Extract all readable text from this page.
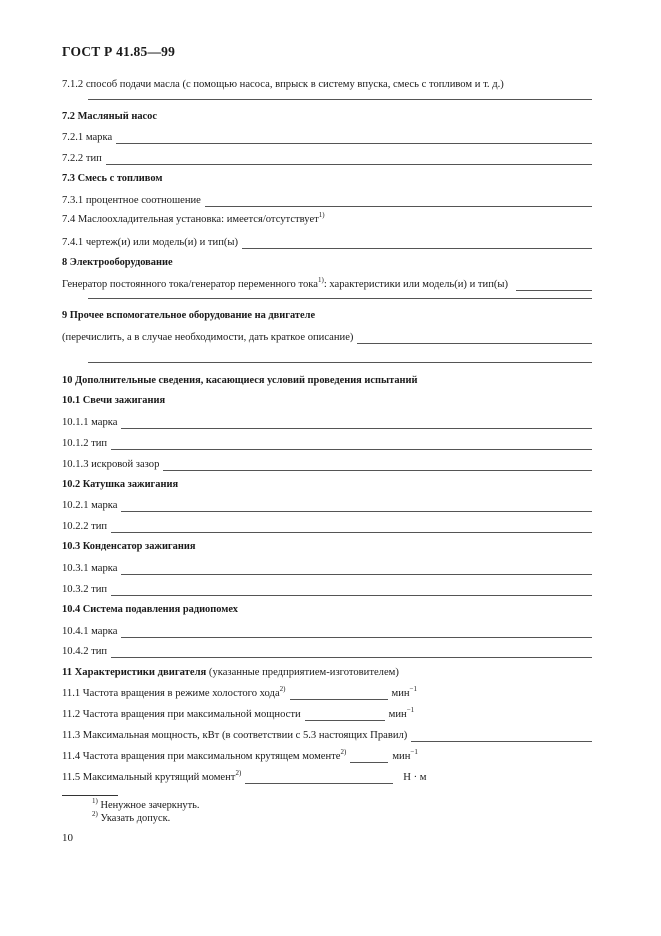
ГОСТ Р 41.85—99
7.1.2 способ подачи масла (с помощью насоса, впрыск в систему впуска, смесь с топливом и т. д.)
7.2 Масляный насос
7.2.1 марка
7.2.2 тип
7.3 Смесь с топливом
7.3.1 процентное соотношение
7.4 Маслоохладительная установка: имеется/отсутствует$^{1)}$
7.4.1 чертеж(и) или модель(и) и тип(ы)
8 Электрооборудование
Генератор постоянного тока/генератор переменного тока$^{1)}$: характеристики или модель(и) и тип(ы)
9 Прочее вспомогательное оборудование на двигателе
(перечислить, а в случае необходимости, дать краткое описание)
10 Дополнительные сведения, касающиеся условий проведения испытаний
10.1 Свечи зажигания
10.1.1 марка
10.1.2 тип
10.1.3 искровой зазор
10.2 Катушка зажигания
10.2.1 марка
10.2.2 тип
10.3 Конденсатор зажигания
10.3.1 марка
10.3.2 тип
10.4 Система подавления радиопомех
10.4.1 марка
10.4.2 тип
11 Характеристики двигателя (указанные предприятием-изготовителем)
11.1 Частота вращения в режиме холостого хода$^{2)}$	мин$^{-1}$
11.2 Частота вращения при максимальной мощности	мин$^{-1}$
11.3 Максимальная мощность, кВт (в соответствии с 5.3 настоящих Правил)
11.4 Частота вращения при максимальном крутящем моменте$^{2)}$	мин$^{-1}$
11.5 Максимальный крутящий момент$^{2)}$	Н · м
$^{1)}$ Ненужное зачеркнуть.
$^{2)}$ Указать допуск.
10
